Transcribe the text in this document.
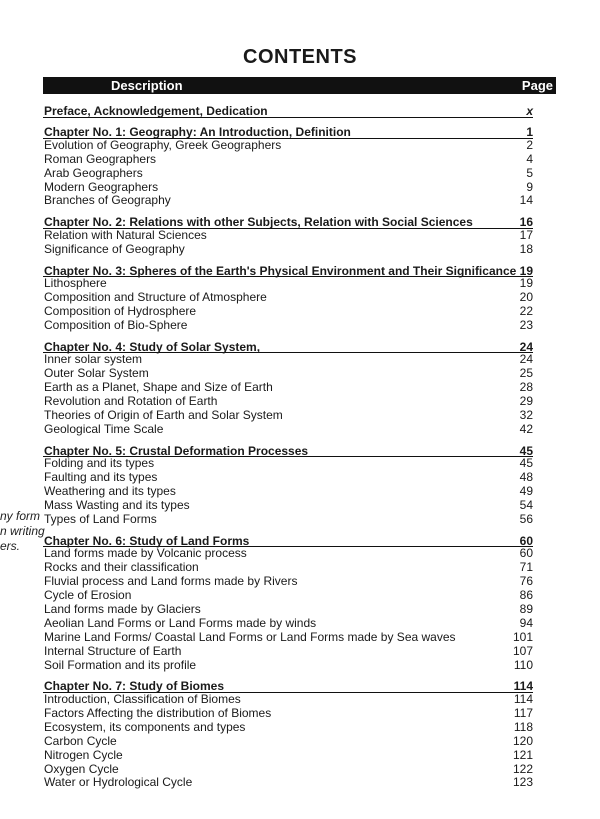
CONTENTS
Description	Page
ny form
n writing
ers.
Preface, Acknowledgement, Dedication	x
Chapter No. 1: Geography: An Introduction, Definition	1
Evolution of Geography, Greek Geographers	2
Roman Geographers	4
Arab Geographers	5
Modern Geographers	9
Branches of Geography	14
Chapter No. 2: Relations with other Subjects, Relation with Social Sciences	16
Relation with Natural Sciences	17
Significance of Geography	18
Chapter No. 3: Spheres of the Earth's Physical Environment and Their Significance 19
Lithosphere	19
Composition and Structure of Atmosphere	20
Composition of Hydrosphere	22
Composition of Bio-Sphere	23
Chapter No. 4: Study of Solar System,	24
Inner solar system	24
Outer Solar System	25
Earth as a Planet, Shape and Size of Earth	28
Revolution and Rotation of Earth	29
Theories of Origin of Earth and Solar System	32
Geological Time Scale	42
Chapter No. 5: Crustal Deformation Processes	45
Folding and its types	45
Faulting and its types	48
Weathering and its types	49
Mass Wasting and its types	54
Types of Land Forms	56
Chapter No. 6: Study of Land Forms	60
Land forms made by Volcanic process	60
Rocks and their classification	71
Fluvial process and Land forms made by Rivers	76
Cycle of Erosion	86
Land forms made by Glaciers	89
Aeolian Land Forms or Land Forms made by winds	94
Marine Land Forms/ Coastal Land Forms or Land Forms made by Sea waves	101
Internal Structure of Earth	107
Soil Formation and its profile	110
Chapter No. 7: Study of Biomes	114
Introduction, Classification of Biomes	114
Factors Affecting the distribution of Biomes	117
Ecosystem, its components and types	118
Carbon Cycle	120
Nitrogen Cycle	121
Oxygen Cycle	122
Water or Hydrological Cycle	123
